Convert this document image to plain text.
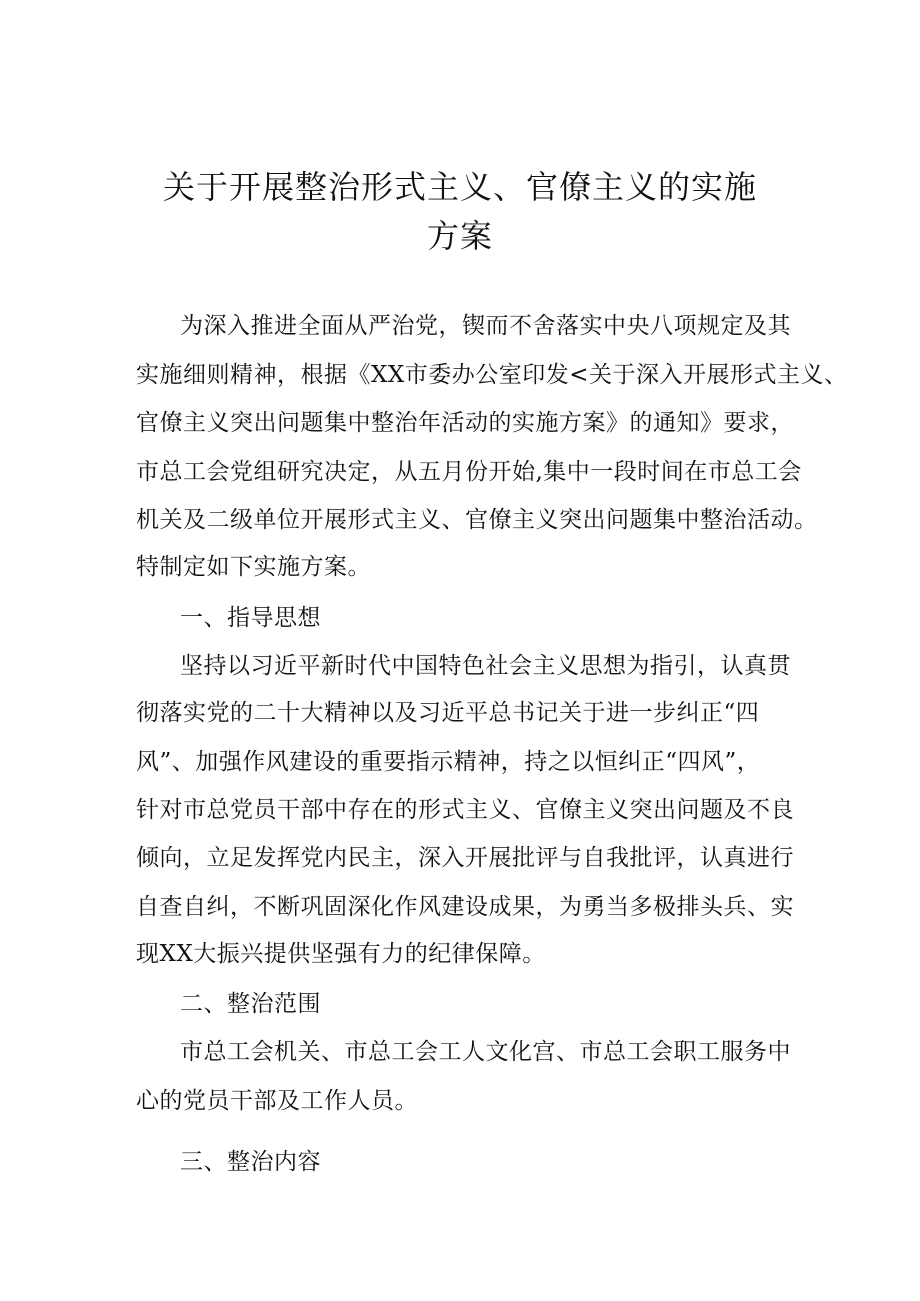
关于开展整治形式主义、官僚主义的实施
方案
为深入推进全面从严治党，锲而不舍落实中央八项规定及其
实施细则精神，根据《XX市委办公室印发<关于深入开展形式主义、
官僚主义突出问题集中整治年活动的实施方案》的通知》要求，
市总工会党组研究决定，从五月份开始,集中一段时间在市总工会
机关及二级单位开展形式主义、官僚主义突出问题集中整治活动。
特制定如下实施方案。
一、指导思想
坚持以习近平新时代中国特色社会主义思想为指引，认真贯
彻落实党的二十大精神以及习近平总书记关于进一步纠正“四
风”、加强作风建设的重要指示精神，持之以恒纠正“四风”，
针对市总党员干部中存在的形式主义、官僚主义突出问题及不良
倾向，立足发挥党内民主，深入开展批评与自我批评，认真进行
自查自纠，不断巩固深化作风建设成果，为勇当多极排头兵、实
现XX大振兴提供坚强有力的纪律保障。
二、整治范围
市总工会机关、市总工会工人文化宫、市总工会职工服务中
心的党员干部及工作人员。
三、整治内容
